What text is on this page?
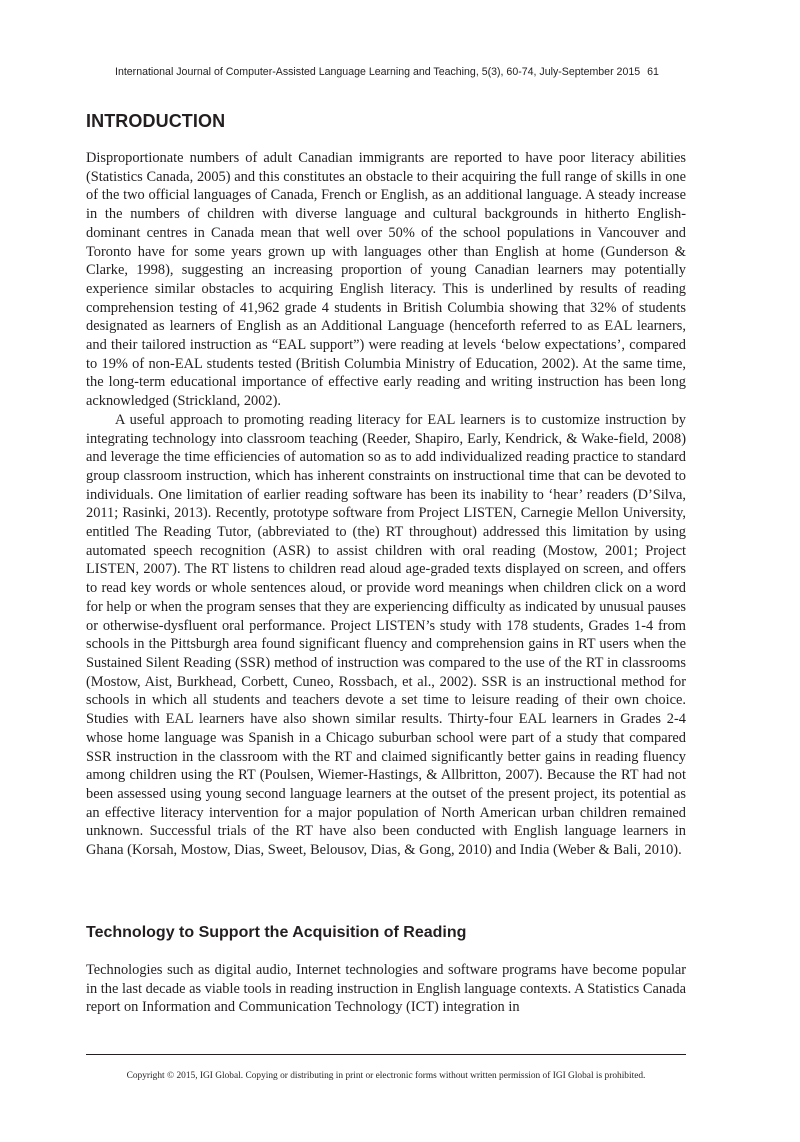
International Journal of Computer-Assisted Language Learning and Teaching, 5(3), 60-74, July-September 2015 61
INTRODUCTION

Disproportionate numbers of adult Canadian immigrants are reported to have poor literacy abilities (Statistics Canada, 2005) and this constitutes an obstacle to their acquiring the full range of skills in one of the two official languages of Canada, French or English, as an additional language. A steady increase in the numbers of children with diverse language and cultural backgrounds in hitherto English-dominant centres in Canada mean that well over 50% of the school populations in Vancouver and Toronto have for some years grown up with languages other than English at home (Gunderson & Clarke, 1998), suggesting an increasing proportion of young Canadian learners may potentially experience similar obstacles to acquiring English literacy. This is underlined by results of reading comprehension testing of 41,962 grade 4 students in British Columbia showing that 32% of students designated as learners of English as an Additional Language (henceforth referred to as EAL learners, and their tailored instruction as “EAL support”) were reading at levels ‘below expectations’, compared to 19% of non-EAL students tested (British Columbia Ministry of Education, 2002). At the same time, the long-term educational importance of effective early reading and writing instruction has been long acknowledged (Strickland, 2002).

A useful approach to promoting reading literacy for EAL learners is to customize instruction by integrating technology into classroom teaching (Reeder, Shapiro, Early, Kendrick, & Wake-field, 2008) and leverage the time efficiencies of automation so as to add individualized reading practice to standard group classroom instruction, which has inherent constraints on instructional time that can be devoted to individuals. One limitation of earlier reading software has been its inability to ‘hear’ readers (D’Silva, 2011; Rasinki, 2013). Recently, prototype software from Project LISTEN, Carnegie Mellon University, entitled The Reading Tutor, (abbreviated to (the) RT throughout) addressed this limitation by using automated speech recognition (ASR) to assist children with oral reading (Mostow, 2001; Project LISTEN, 2007). The RT listens to children read aloud age-graded texts displayed on screen, and offers to read key words or whole sentences aloud, or provide word meanings when children click on a word for help or when the program senses that they are experiencing difficulty as indicated by unusual pauses or otherwise-dysfluent oral performance. Project LISTEN’s study with 178 students, Grades 1-4 from schools in the Pittsburgh area found significant fluency and comprehension gains in RT users when the Sustained Silent Reading (SSR) method of instruction was compared to the use of the RT in classrooms (Mostow, Aist, Burkhead, Corbett, Cuneo, Rossbach, et al., 2002). SSR is an instructional method for schools in which all students and teachers devote a set time to leisure reading of their own choice. Studies with EAL learners have also shown similar results. Thirty-four EAL learners in Grades 2-4 whose home language was Spanish in a Chicago suburban school were part of a study that compared SSR instruction in the classroom with the RT and claimed significantly better gains in reading fluency among children using the RT (Poulsen, Wiemer-Hastings, & Allbritton, 2007). Because the RT had not been assessed using young second language learners at the outset of the present project, its potential as an effective literacy intervention for a major population of North American urban children remained unknown. Successful trials of the RT have also been conducted with English language learners in Ghana (Korsah, Mostow, Dias, Sweet, Belousov, Dias, & Gong, 2010) and India (Weber & Bali, 2010).

Technology to Support the Acquisition of Reading

Technologies such as digital audio, Internet technologies and software programs have become popular in the last decade as viable tools in reading instruction in English language contexts. A Statistics Canada report on Information and Communication Technology (ICT) integration in

Copyright © 2015, IGI Global. Copying or distributing in print or electronic forms without written permission of IGI Global is prohibited.
